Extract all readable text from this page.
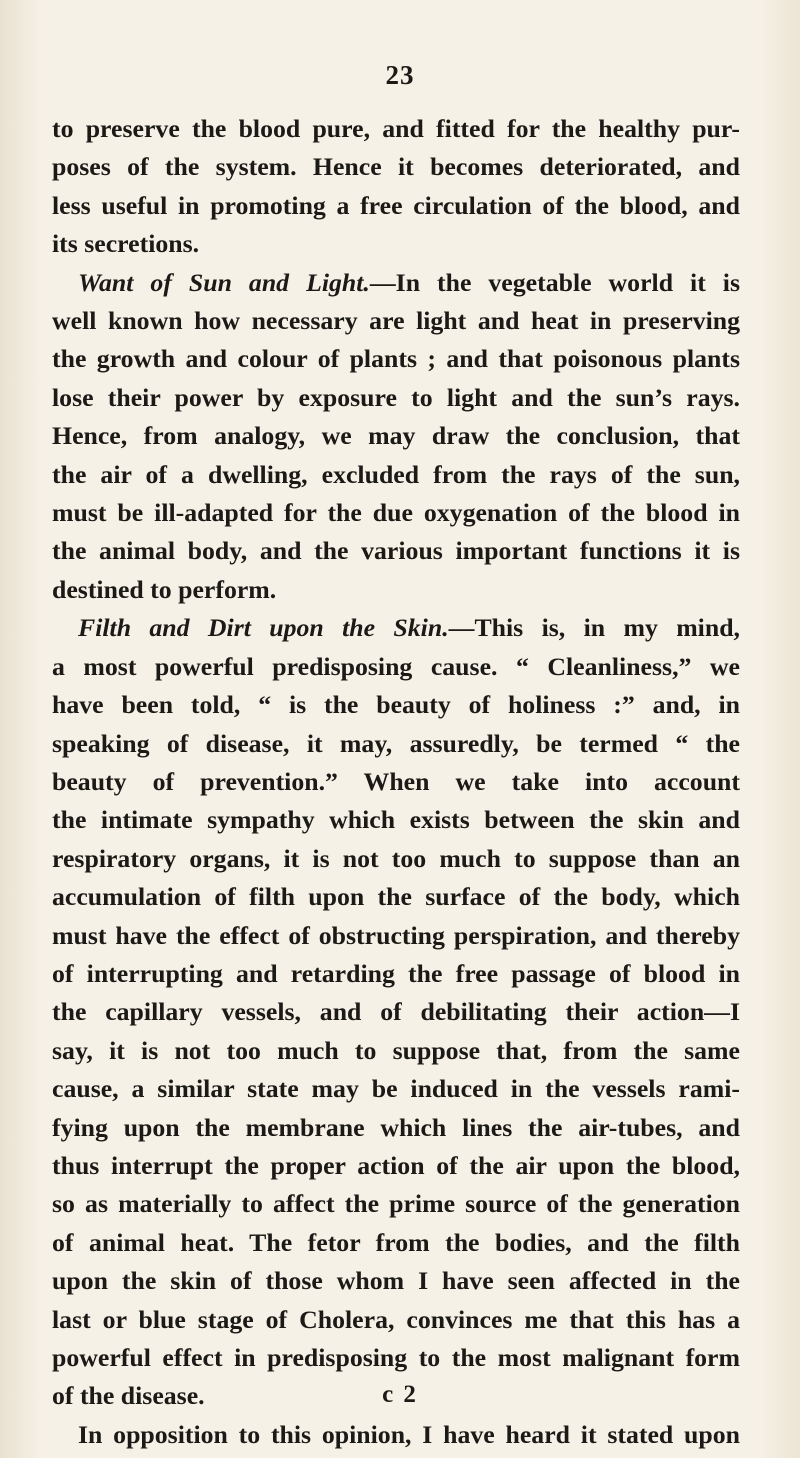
23
to preserve the blood pure, and fitted for the healthy pur-
poses of the system. Hence it becomes deteriorated, and
less useful in promoting a free circulation of the blood, and
its secretions.
Want of Sun and Light.—In the vegetable world it is
well known how necessary are light and heat in preserving
the growth and colour of plants ; and that poisonous plants
lose their power by exposure to light and the sun’s rays.
Hence, from analogy, we may draw the conclusion, that
the air of a dwelling, excluded from the rays of the sun,
must be ill-adapted for the due oxygenation of the blood in
the animal body, and the various important functions it is
destined to perform.
Filth and Dirt upon the Skin.—This is, in my mind,
a most powerful predisposing cause. “ Cleanliness,” we
have been told, “ is the beauty of holiness :” and, in
speaking of disease, it may, assuredly, be termed “ the
beauty of prevention.” When we take into account
the intimate sympathy which exists between the skin and
respiratory organs, it is not too much to suppose than an
accumulation of filth upon the surface of the body, which
must have the effect of obstructing perspiration, and thereby
of interrupting and retarding the free passage of blood in
the capillary vessels, and of debilitating their action—I
say, it is not too much to suppose that, from the same
cause, a similar state may be induced in the vessels rami-
fying upon the membrane which lines the air-tubes, and
thus interrupt the proper action of the air upon the blood,
so as materially to affect the prime source of the generation
of animal heat. The fetor from the bodies, and the filth
upon the skin of those whom I have seen affected in the
last or blue stage of Cholera, convinces me that this has a
powerful effect in predisposing to the most malignant form
of the disease.
In opposition to this opinion, I have heard it stated upon
c 2
